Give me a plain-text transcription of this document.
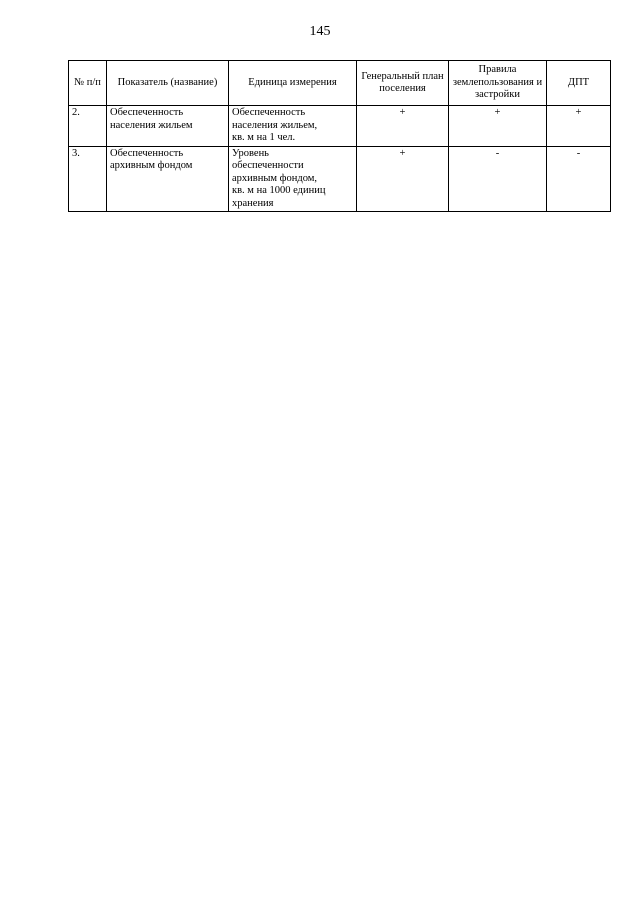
145
№ п/п	Показатель (название)	Единица измерения	Генеральный план поселения	Правила землепользования и застройки	ДПТ
2.	Обеспеченность населения жильем	Обеспеченность
населения жильем,
кв. м на 1 чел.	+	+	+
3.	Обеспеченность архивным фондом	Уровень
обеспеченности
архивным фондом,
кв. м на 1000 единиц
хранения	+	-	-
